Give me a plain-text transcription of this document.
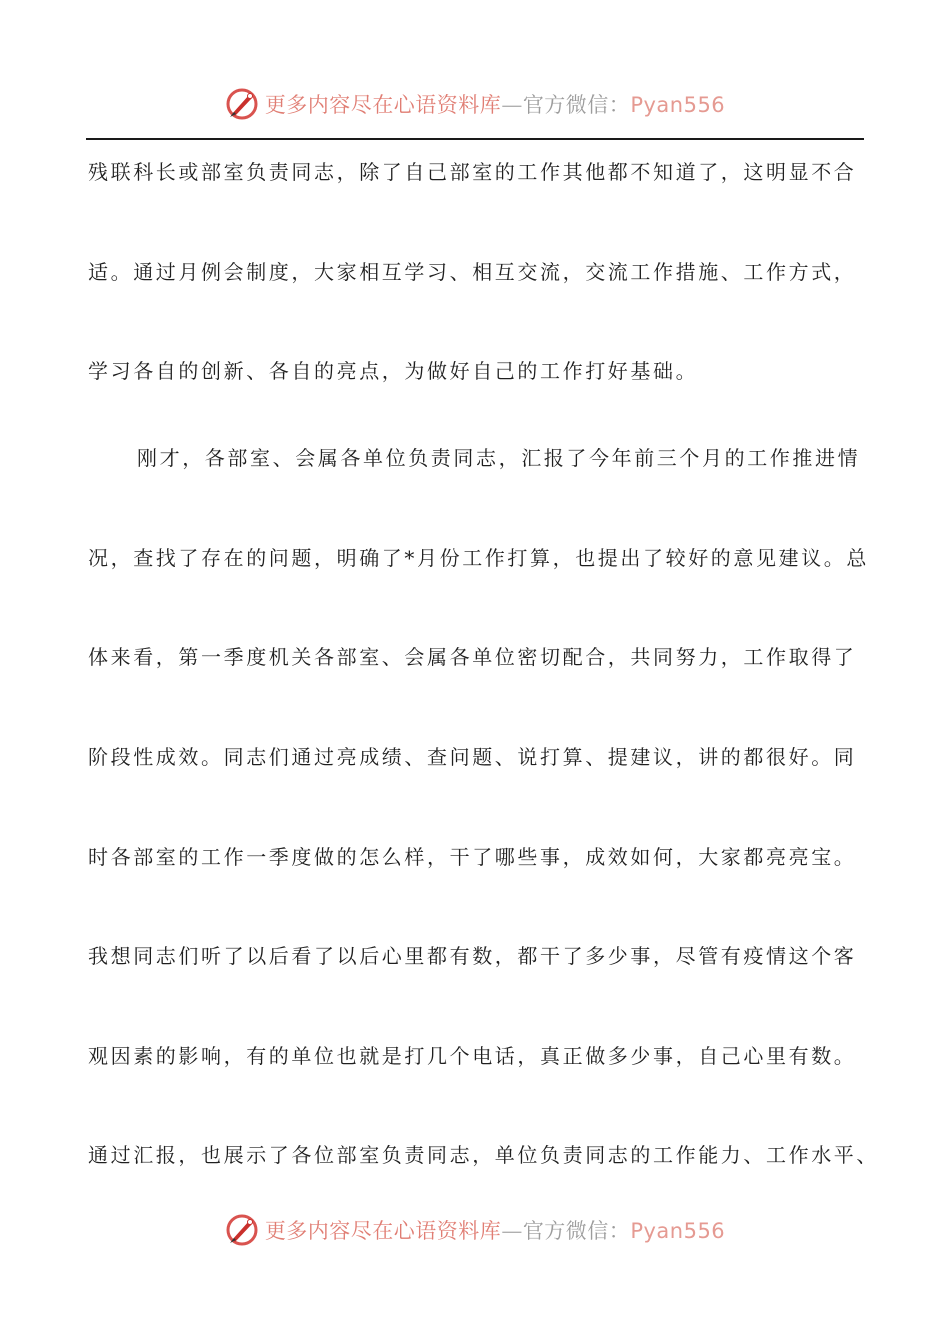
更多内容尽在心语资料库—官方微信：Pyan556
残联科长或部室负责同志，除了自己部室的工作其他都不知道了，这明显不合
适。通过月例会制度，大家相互学习、相互交流，交流工作措施、工作方式，
学习各自的创新、各自的亮点，为做好自己的工作打好基础。
刚才，各部室、会属各单位负责同志，汇报了今年前三个月的工作推进情
况，查找了存在的问题，明确了*月份工作打算，也提出了较好的意见建议。总
体来看，第一季度机关各部室、会属各单位密切配合，共同努力，工作取得了
阶段性成效。同志们通过亮成绩、查问题、说打算、提建议，讲的都很好。同
时各部室的工作一季度做的怎么样，干了哪些事，成效如何，大家都亮亮宝。
我想同志们听了以后看了以后心里都有数，都干了多少事，尽管有疫情这个客
观因素的影响，有的单位也就是打几个电话，真正做多少事，自己心里有数。
通过汇报，也展示了各位部室负责同志，单位负责同志的工作能力、工作水平、
更多内容尽在心语资料库—官方微信：Pyan556
